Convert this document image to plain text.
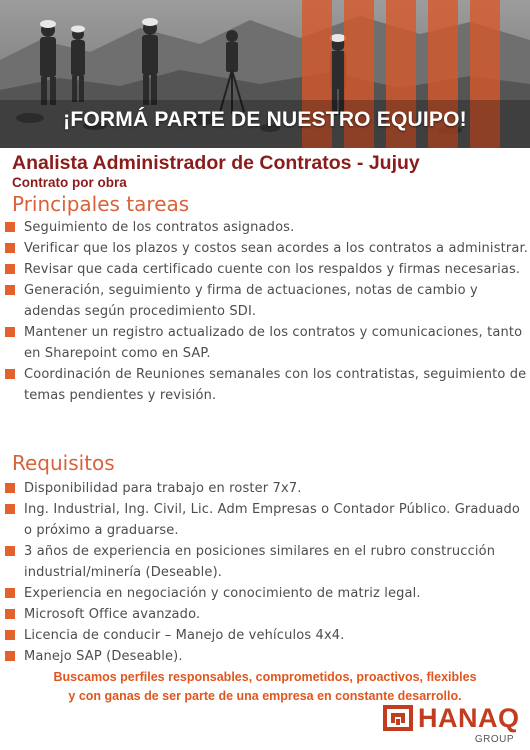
¡FORMÁ PARTE DE NUESTRO EQUIPO!
Analista Administrador de Contratos - Jujuy
Contrato por obra
Principales tareas
Seguimiento de los contratos asignados.
Verificar que los plazos y costos sean acordes a los contratos a administrar.
Revisar que cada certificado cuente con los respaldos y firmas necesarias.
Generación, seguimiento y firma de actuaciones, notas de cambio y adendas según procedimiento SDI.
Mantener un registro actualizado de los contratos y comunicaciones, tanto en Sharepoint como en SAP.
Coordinación de Reuniones semanales con los contratistas, seguimiento de temas pendientes y revisión.
Requisitos
Disponibilidad para trabajo en roster 7x7.
Ing. Industrial, Ing. Civil, Lic. Adm Empresas o Contador Público. Graduado o próximo a graduarse.
3 años de experiencia en posiciones similares en el rubro construcción industrial/minería (Deseable).
Experiencia en negociación y conocimiento de matriz legal.
Microsoft Office avanzado.
Licencia de conducir – Manejo de vehículos 4x4.
Manejo SAP (Deseable).
Buscamos perfiles responsables, comprometidos, proactivos, flexibles
y con ganas de ser parte de una empresa en constante desarrollo.
HANAQ
GROUP
